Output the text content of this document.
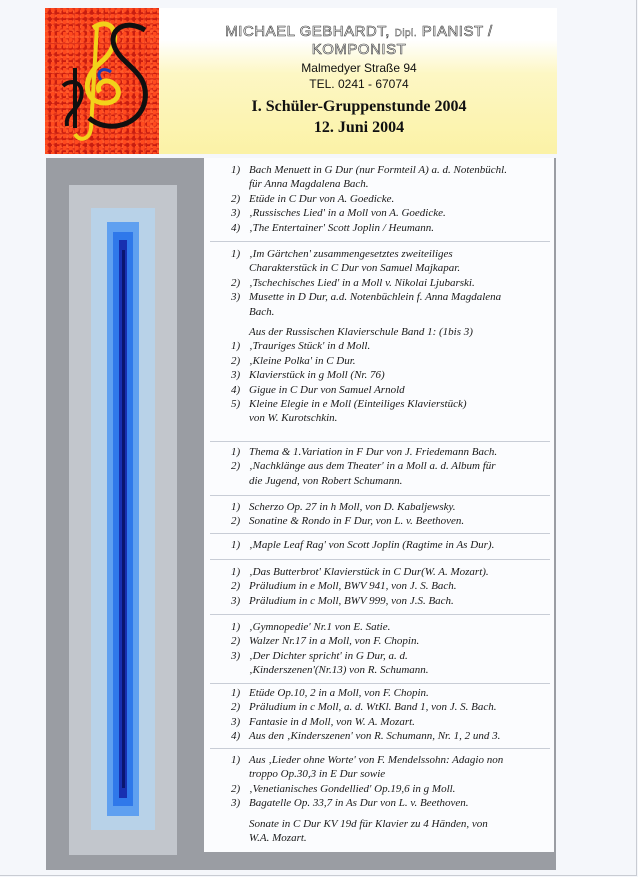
MICHAEL GEBHARDT, Dipl. PIANIST /
KOMPONIST
Malmedyer Straße 94
TEL. 0241 - 67074
I. Schüler-Gruppenstunde 2004
12. Juni 2004
1) Bach Menuett in G Dur (nur Formteil A) a. d. Notenbüchl.
für Anna Magdalena Bach.
2) Etüde in C Dur von A. Goedicke.
3) ‚Russisches Lied' in a Moll von A. Goedicke.
4) ‚The Entertainer' Scott Joplin / Heumann.
1) ‚Im Gärtchen' zusammengesetztes zweiteiliges
Charakterstück in C Dur von Samuel Majkapar.
2) ‚Tschechisches Lied' in a Moll v. Nikolai Ljubarski.
3) Musette in D Dur, a.d. Notenbüchlein f. Anna Magdalena
Bach.
Aus der Russischen Klavierschule Band 1: (1bis 3)
1) ‚Trauriges Stück' in d Moll.
2) ‚Kleine Polka' in C Dur.
3) Klavierstück in g Moll (Nr. 76)
4) Gigue in C Dur von Samuel Arnold
5) Kleine Elegie in e Moll (Einteiliges Klavierstück)
von W. Kurotschkin.
1) Thema & 1.Variation in F Dur von J. Friedemann Bach.
2) ‚Nachklänge aus dem Theater' in a Moll a. d. Album für
die Jugend, von Robert Schumann.
1) Scherzo Op. 27 in h Moll, von D. Kabaljewsky.
2) Sonatine & Rondo in F Dur, von L. v. Beethoven.
1) ‚Maple Leaf Rag' von Scott Joplin (Ragtime in As Dur).
1) ‚Das Butterbrot' Klavierstück in C Dur(W. A. Mozart).
2) Präludium in e Moll, BWV 941, von J. S. Bach.
3) Präludium in c Moll, BWV 999, von J.S. Bach.
1) ‚Gymnopedie' Nr.1 von E. Satie.
2) Walzer Nr.17 in a Moll, von F. Chopin.
3) ‚Der Dichter spricht' in G Dur, a. d.
‚Kinderszenen'(Nr.13) von R. Schumann.
1) Etüde Op.10, 2 in a Moll, von F. Chopin.
2) Präludium in c Moll, a. d. WtKl. Band 1, von J. S. Bach.
3) Fantasie in d Moll, von W. A. Mozart.
4) Aus den ‚Kinderszenen' von R. Schumann, Nr. 1, 2 und 3.
1) Aus ‚Lieder ohne Worte' von F. Mendelssohn: Adagio non
troppo Op.30,3 in E Dur sowie
2) ‚Venetianisches Gondellied' Op.19,6 in g Moll.
3) Bagatelle Op. 33,7 in As Dur von L. v. Beethoven.
Sonate in C Dur KV 19d für Klavier zu 4 Händen, von
W.A. Mozart.
